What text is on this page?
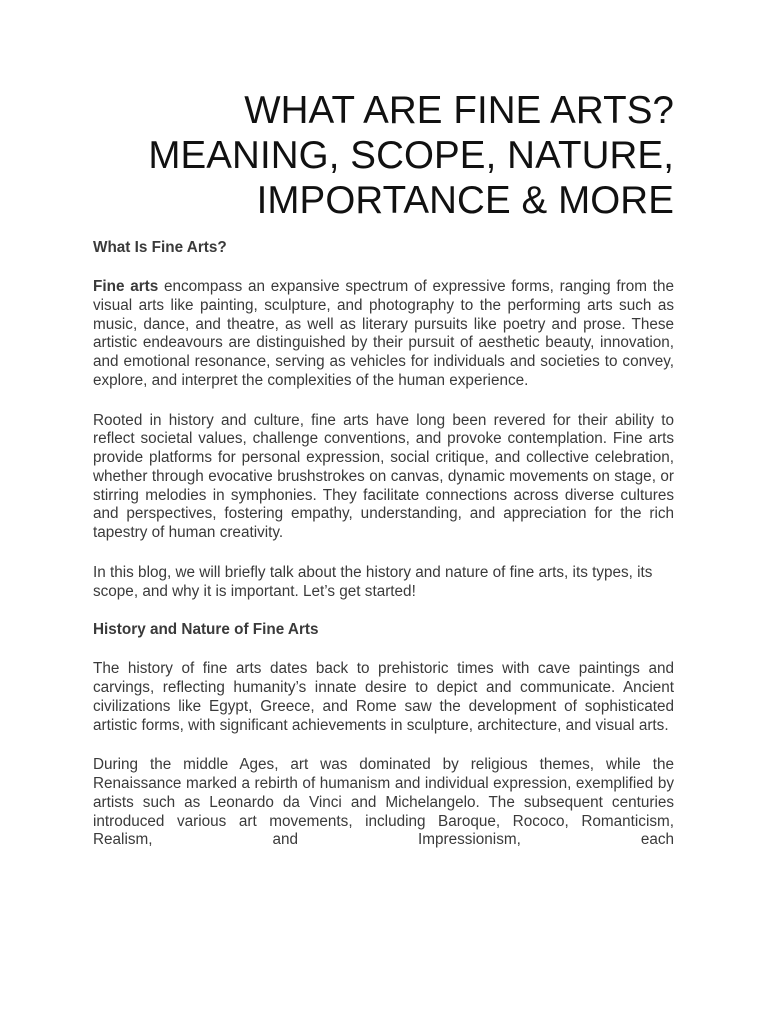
WHAT ARE FINE ARTS?
MEANING, SCOPE, NATURE,
IMPORTANCE & MORE
What Is Fine Arts?

Fine arts encompass an expansive spectrum of expressive forms, ranging from the visual arts like painting, sculpture, and photography to the performing arts such as music, dance, and theatre, as well as literary pursuits like poetry and prose. These artistic endeavours are distinguished by their pursuit of aesthetic beauty, innovation, and emotional resonance, serving as vehicles for individuals and societies to convey, explore, and interpret the complexities of the human experience.

Rooted in history and culture, fine arts have long been revered for their ability to reflect societal values, challenge conventions, and provoke contemplation. Fine arts provide platforms for personal expression, social critique, and collective celebration, whether through evocative brushstrokes on canvas, dynamic movements on stage, or stirring melodies in symphonies. They facilitate connections across diverse cultures and perspectives, fostering empathy, understanding, and appreciation for the rich tapestry of human creativity.

In this blog, we will briefly talk about the history and nature of fine arts, its types, its scope, and why it is important. Let’s get started!

History and Nature of Fine Arts

The history of fine arts dates back to prehistoric times with cave paintings and carvings, reflecting humanity’s innate desire to depict and communicate. Ancient civilizations like Egypt, Greece, and Rome saw the development of sophisticated artistic forms, with significant achievements in sculpture, architecture, and visual arts.

During the middle Ages, art was dominated by religious themes, while the Renaissance marked a rebirth of humanism and individual expression, exemplified by artists such as Leonardo da Vinci and Michelangelo. The subsequent centuries introduced various art movements, including Baroque, Rococo, Romanticism, Realism, and Impressionism, each
